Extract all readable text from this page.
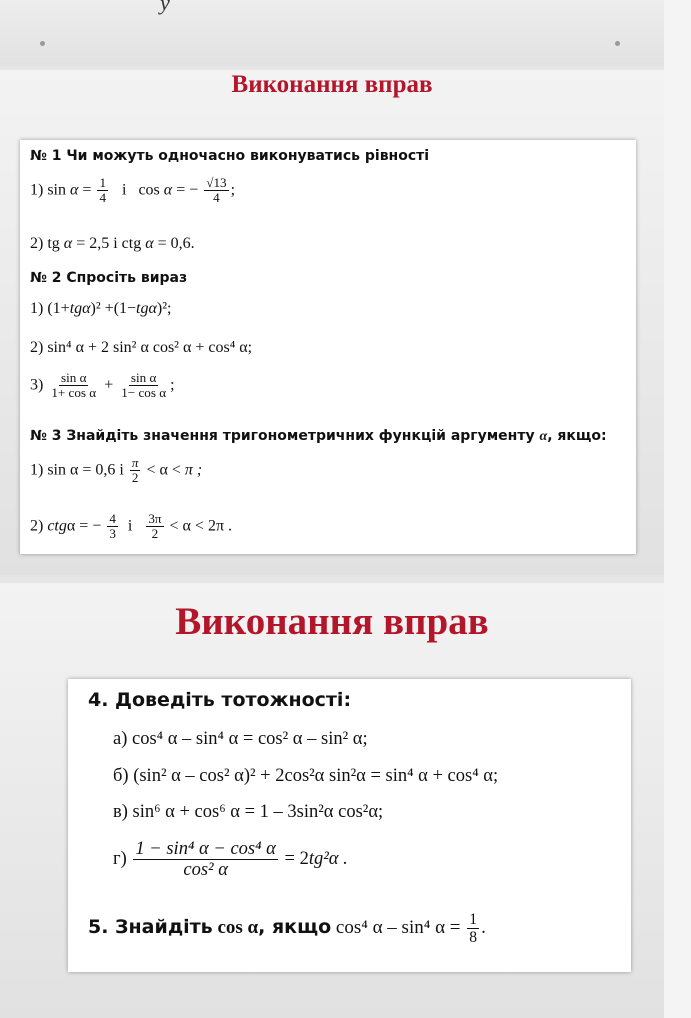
y
Виконання вправ
№ 1 Чи можуть одночасно виконуватись рівності
1) $\sin \alpha = \frac{1}{4}$ і cos α = − $\frac{√13}{4}$ ;
2) tg α = 2,5 і ctg α = 0,6.
№ 2 Спросіть вираз
1) (1+tgα)² +(1−tgα)²;
2) sin⁴ α + 2 sin² α cos² α + cos⁴ α;
$3) \frac{\text{sin α}}{\text{1+ cos α}} + \frac{\text{sin α}}{\text{1− cos α}}$ ;
№ 3 Знайдіть значення тригонометричних функцій аргументу α, якщо:
1) sin α = 0,6 і $\frac{\pi}{2} < \alpha < \pi$ ;
2) ctgα = − $\frac{4}{3}$ і $\frac{3\pi}{2} < \alpha < 2\pi$ .
Виконання вправ
4. Доведіть тотожності:
а) cos⁴ α – sin⁴ α = cos² α – sin² α;
б) (sin² α – cos² α)² + 2cos²α sin²α = sin⁴ α + cos⁴ α;
в) sin⁶ α + cos⁶ α = 1 – 3sin²α cos²α;
$г) \frac{\text{1 − sin⁴ α − cos⁴ α}}{\text{cos² α}} = 2tg^2\alpha$ .
5. Знайдіть cos α, якщо cos⁴ α – sin⁴ $\alpha = \frac{1}{8}$ .
